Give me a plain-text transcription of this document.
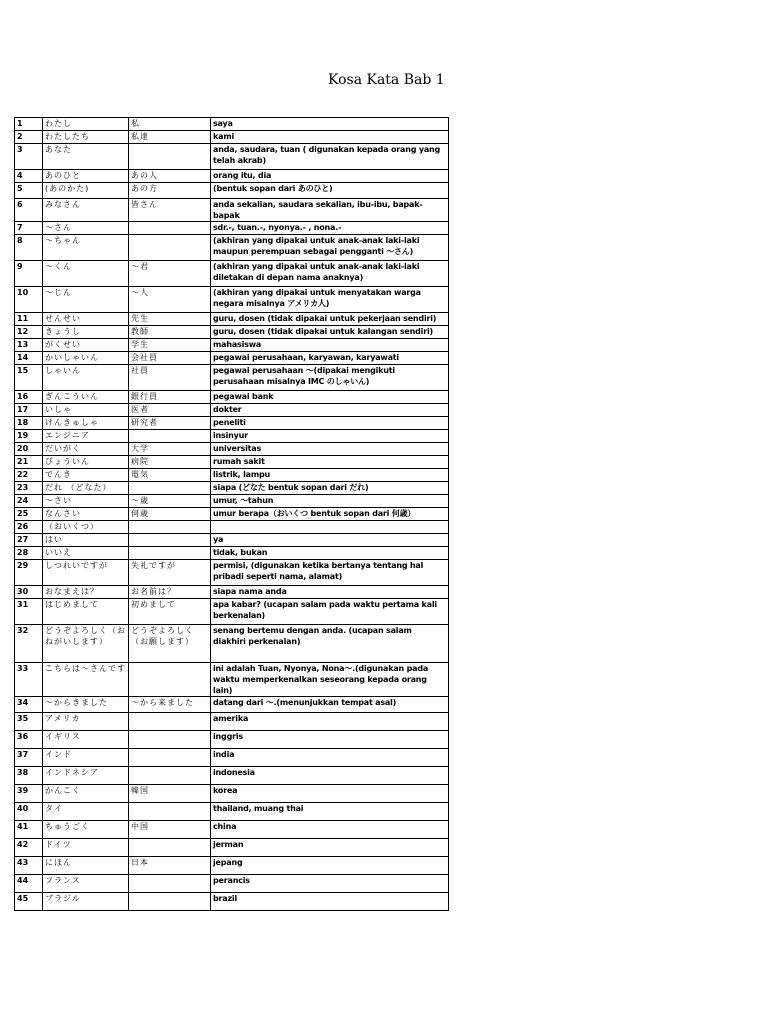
Kosa Kata Bab 1
1	わたし	私	saya
2	わたしたち	私達	kami
3	あなた		anda, saudara, tuan ( digunakan kepada orang yang telah akrab)
4	あのひと	あの人	orang itu, dia
5	(あのかた)	あの方	(bentuk sopan dari あのひと)
6	みなさん	皆さん	anda sekalian, saudara sekalian, ibu-ibu, bapak-bapak
7	～さん		sdr.-, tuan.-, nyonya.- , nona.-
8	～ちゃん		(akhiran yang dipakai untuk anak-anak laki-laki maupun perempuan sebagai pengganti ～さん)
9	～くん	～君	(akhiran yang dipakai untuk anak-anak laki-laki diletakan di depan nama anaknya)
10	～じん	～人	(akhiran yang dipakai untuk menyatakan warga negara misalnya アメリカ人)
11	せんせい	先生	guru, dosen (tidak dipakai untuk pekerjaan sendiri)
12	きょうし	教師	guru, dosen (tidak dipakai untuk kalangan sendiri)
13	がくせい	学生	mahasiswa
14	かいしゃいん	会社員	pegawai perusahaan, karyawan, karyawati
15	しゃいん	社員	pegawai perusahaan ～(dipakai mengikuti perusahaan misalnya IMC のしゃいん)
16	ぎんこういん	銀行員	pegawai bank
17	いしゃ	医者	dokter
18	けんきゅしゃ	研究者	peneliti
19	エンジニア		insinyur
20	だいがく	大学	universitas
21	びょういん	病院	rumah sakit
22	でんき	電気	listrik, lampu
23	だれ （どなた）		siapa (どなた bentuk sopan dari だれ)
24	～さい	～歳	umur, ～tahun
25	なんさい	何歳	umur berapa（おいくつ bentuk sopan dari 何歳）
26	（おいくつ）		
27	はい		ya
28	いいえ		tidak, bukan
29	しつれいですが	失礼ですが	permisi, (digunakan ketika bertanya tentang hal pribadi seperti nama, alamat)
30	おなまえは？	お名前は？	siapa nama anda
31	はじめまして	初めまして	apa kabar? (ucapan salam pada waktu pertama kali berkenalan)
32	どうぞよろしく（おねがいします）	どうぞよろしく（お願します）	senang bertemu dengan anda. (ucapan salam diakhiri perkenalan)
33	こちらは～さんです		ini adalah Tuan, Nyonya, Nona～.(digunakan pada waktu memperkenalkan seseorang kepada orang lain)
34	～からきました	～から来ました	datang dari ～.(menunjukkan tempat asal)
35	アメリカ		amerika
36	イギリス		inggris
37	インド		india
38	インドネシア		indonesia
39	かんこく	韓国	korea
40	タイ		thailand, muang thai
41	ちゅうごく	中国	china
42	ドイツ		jerman
43	にほん	日本	jepang
44	フランス		perancis
45	ブラジル		brazil
